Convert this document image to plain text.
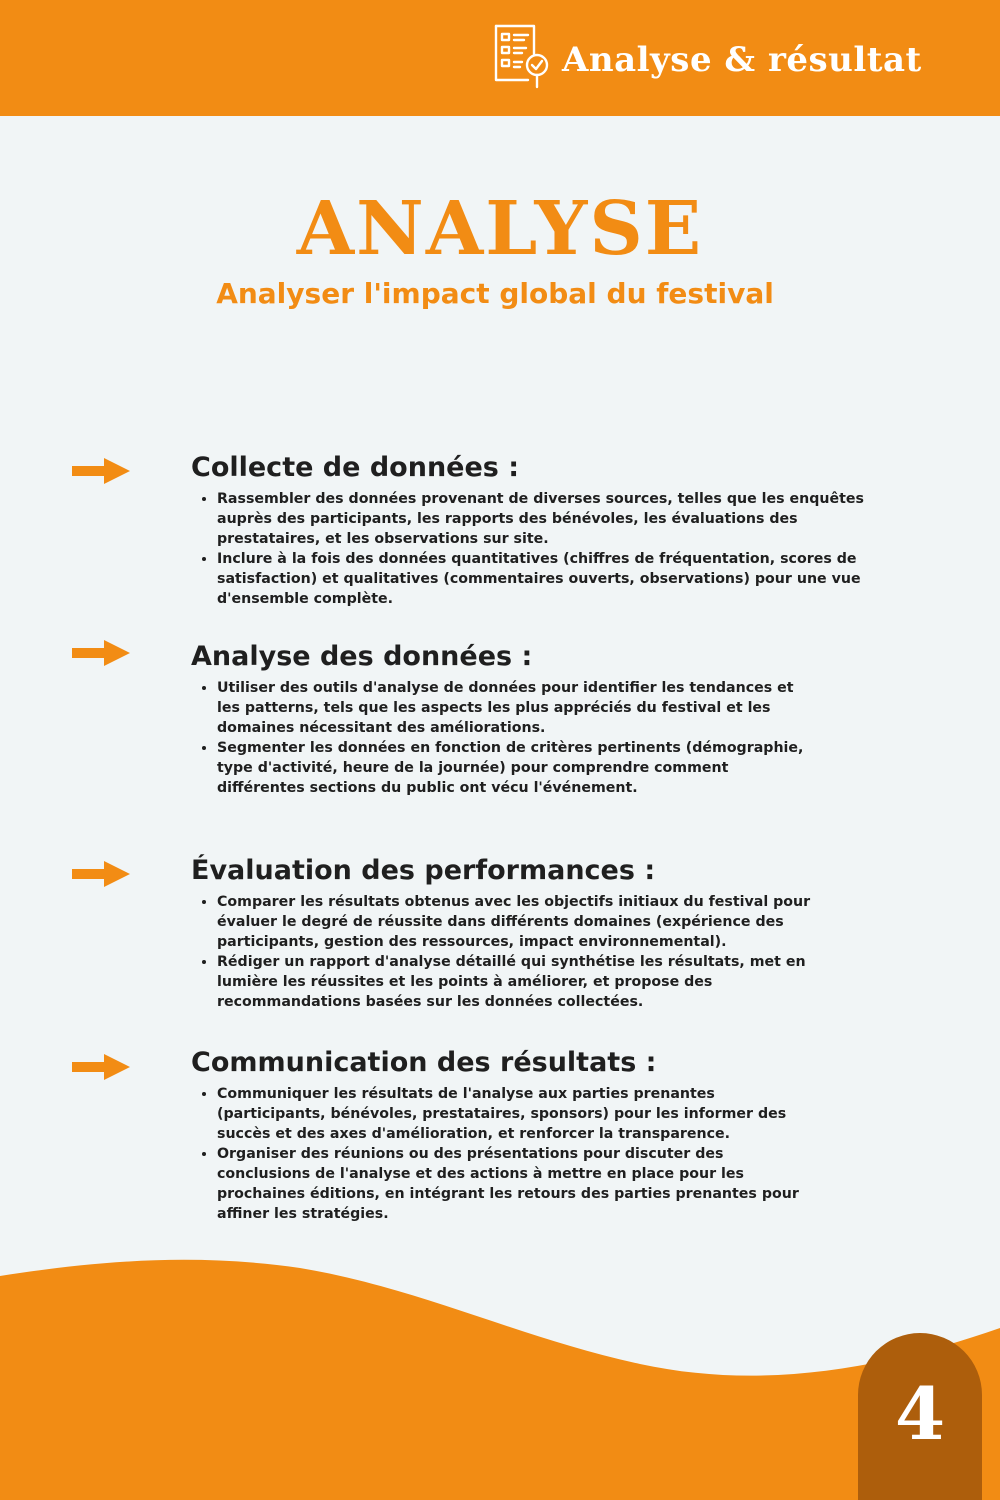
Analyse & résultat
ANALYSE
Analyser l'impact global du festival
Collecte de données :
Rassembler des données provenant de diverses sources, telles que les enquêtes auprès des participants, les rapports des bénévoles, les évaluations des prestataires, et les observations sur site.
Inclure à la fois des données quantitatives (chiffres de fréquentation, scores de satisfaction) et qualitatives (commentaires ouverts, observations) pour une vue d'ensemble complète.
Analyse des données :
Utiliser des outils d'analyse de données pour identifier les tendances et les patterns, tels que les aspects les plus appréciés du festival et les domaines nécessitant des améliorations.
Segmenter les données en fonction de critères pertinents (démographie, type d'activité, heure de la journée) pour comprendre comment différentes sections du public ont vécu l'événement.
Évaluation des performances :
Comparer les résultats obtenus avec les objectifs initiaux du festival pour évaluer le degré de réussite dans différents domaines (expérience des participants, gestion des ressources, impact environnemental).
Rédiger un rapport d'analyse détaillé qui synthétise les résultats, met en lumière les réussites et les points à améliorer, et propose des recommandations basées sur les données collectées.
Communication des résultats :
Communiquer les résultats de l'analyse aux parties prenantes (participants, bénévoles, prestataires, sponsors) pour les informer des succès et des axes d'amélioration, et renforcer la transparence.
Organiser des réunions ou des présentations pour discuter des conclusions de l'analyse et des actions à mettre en place pour les prochaines éditions, en intégrant les retours des parties prenantes pour affiner les stratégies.
4
